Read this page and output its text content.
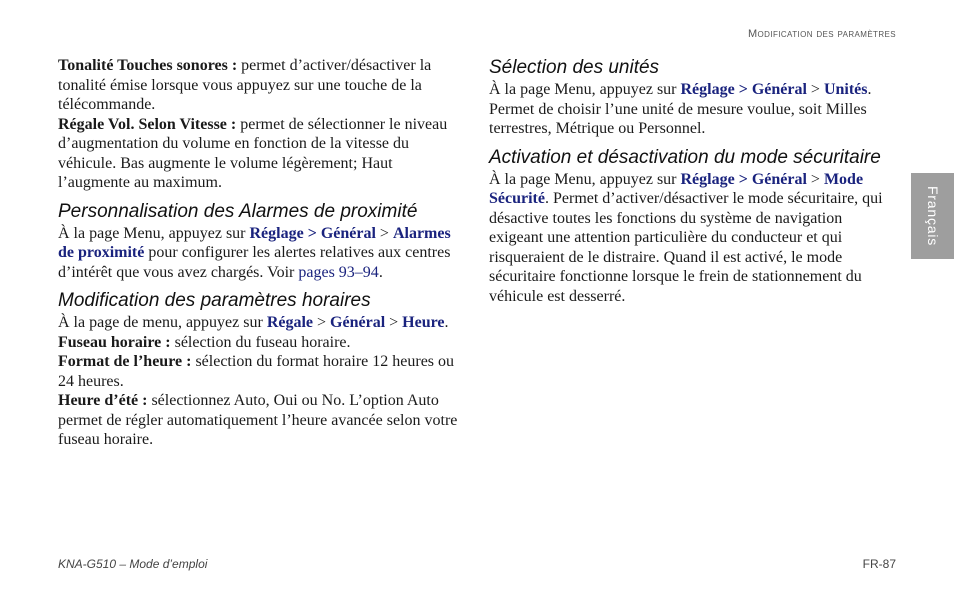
Modification des paramètres

Tonalité Touches sonores : permet d’activer/désactiver la tonalité émise lorsque vous appuyez sur une touche de la télécommande.

Régale Vol. Selon Vitesse : permet de sélectionner le niveau d’augmentation du volume en fonction de la vitesse du véhicule. Bas augmente le volume légèrement; Haut l’augmente au maximum.

Personnalisation des Alarmes de proximité

À la page Menu, appuyez sur Réglage > Général > Alarmes de proximité pour configurer les alertes relatives aux centres d’intérêt que vous avez chargés. Voir pages 93–94.

Modification des paramètres horaires

À la page de menu, appuyez sur Régale > Général > Heure.

Fuseau horaire : sélection du fuseau horaire.

Format de l’heure : sélection du format horaire 12 heures ou 24 heures.

Heure d’été : sélectionnez Auto, Oui ou No. L’option Auto permet de régler automatiquement l’heure avancée selon votre fuseau horaire.

Sélection des unités

À la page Menu, appuyez sur Réglage > Général > Unités. Permet de choisir l’une unité de mesure voulue, soit Milles terrestres, Métrique ou Personnel.

Activation et désactivation du mode sécuritaire

À la page Menu, appuyez sur Réglage > Général > Mode Sécurité. Permet d’activer/désactiver le mode sécuritaire, qui désactive toutes les fonctions du système de navigation exigeant une attention particulière du conducteur et qui risqueraient de le distraire. Quand il est activé, le mode sécuritaire fonctionne lorsque le frein de stationnement du véhicule est desserré.

Français
KNA-G510 – Mode d’emploi	FR-87
